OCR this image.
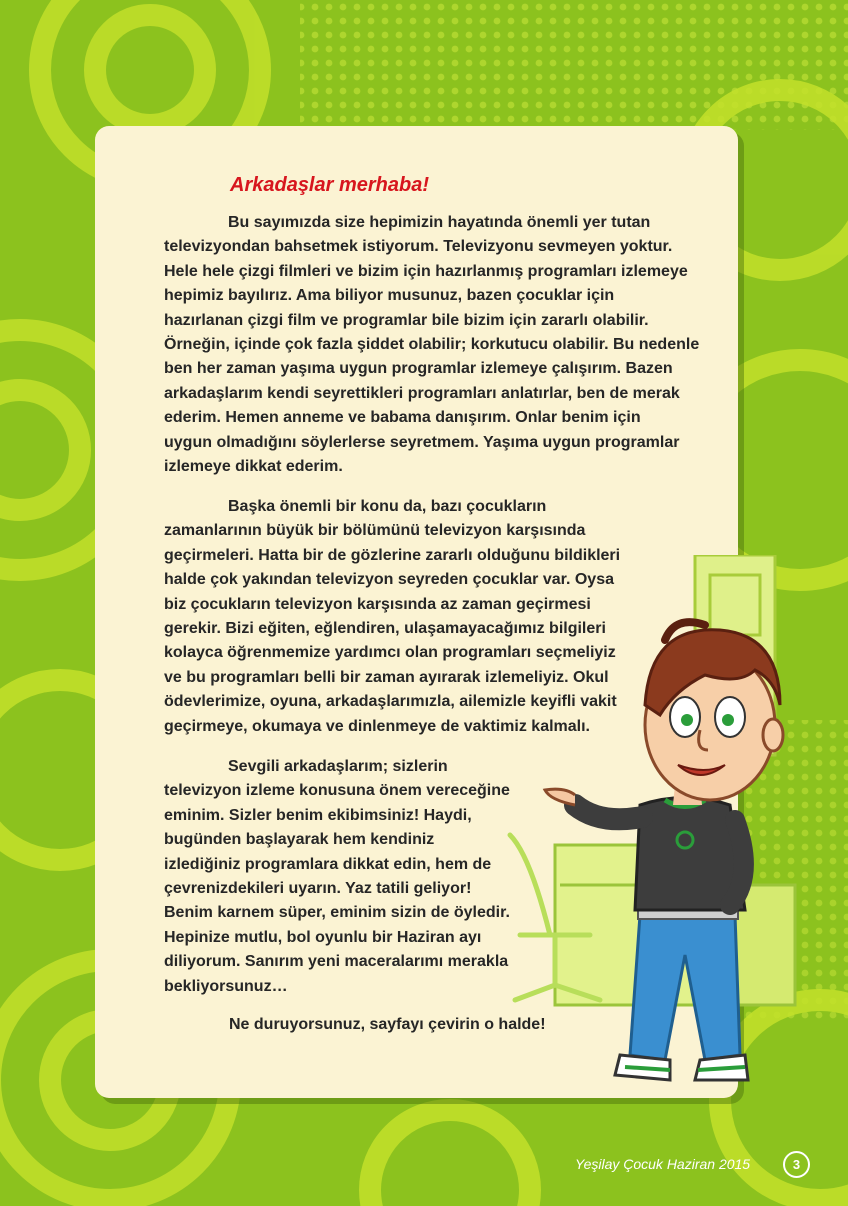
Arkadaşlar merhaba!

Bu sayımızda size hepimizin hayatında önemli yer tutan
televizyondan bahsetmek istiyorum. Televizyonu sevmeyen yoktur.
Hele hele çizgi filmleri ve bizim için hazırlanmış programları izlemeye
hepimiz bayılırız. Ama biliyor musunuz, bazen çocuklar için
hazırlanan çizgi film ve programlar bile bizim için zararlı olabilir.
Örneğin, içinde çok fazla şiddet olabilir; korkutucu olabilir. Bu nedenle
ben her zaman yaşıma uygun programlar izlemeye çalışırım. Bazen
arkadaşlarım kendi seyrettikleri programları anlatırlar, ben de merak
ederim. Hemen anneme ve babama danışırım. Onlar benim için
uygun olmadığını söylerlerse seyretmem. Yaşıma uygun programlar
izlemeye dikkat ederim.

Başka önemli bir konu da, bazı çocukların
zamanlarının büyük bir bölümünü televizyon karşısında
geçirmeleri. Hatta bir de gözlerine zararlı olduğunu bildikleri
halde çok yakından televizyon seyreden çocuklar var. Oysa
biz çocukların televizyon karşısında az zaman geçirmesi
gerekir. Bizi eğiten, eğlendiren, ulaşamayacağımız bilgileri
kolayca öğrenmemize yardımcı olan programları seçmeliyiz
ve bu programları belli bir zaman ayırarak izlemeliyiz. Okul
ödevlerimize, oyuna, arkadaşlarımızla, ailemizle keyifli vakit
geçirmeye, okumaya ve dinlenmeye de vaktimiz kalmalı.

Sevgili arkadaşlarım; sizlerin
televizyon izleme konusuna önem vereceğine
eminim. Sizler benim ekibimsiniz! Haydi,
bugünden başlayarak hem kendiniz
izlediğiniz programlara dikkat edin, hem de
çevrenizdekileri uyarın. Yaz tatili geliyor!
Benim karnem süper, eminim sizin de öyledir.
Hepinize mutlu, bol oyunlu bir Haziran ayı
diliyorum. Sanırım yeni maceralarımı merakla
bekliyorsunuz…

Ne duruyorsunuz, sayfayı çevirin o halde!

Yeşilay Çocuk Haziran 2015	3
